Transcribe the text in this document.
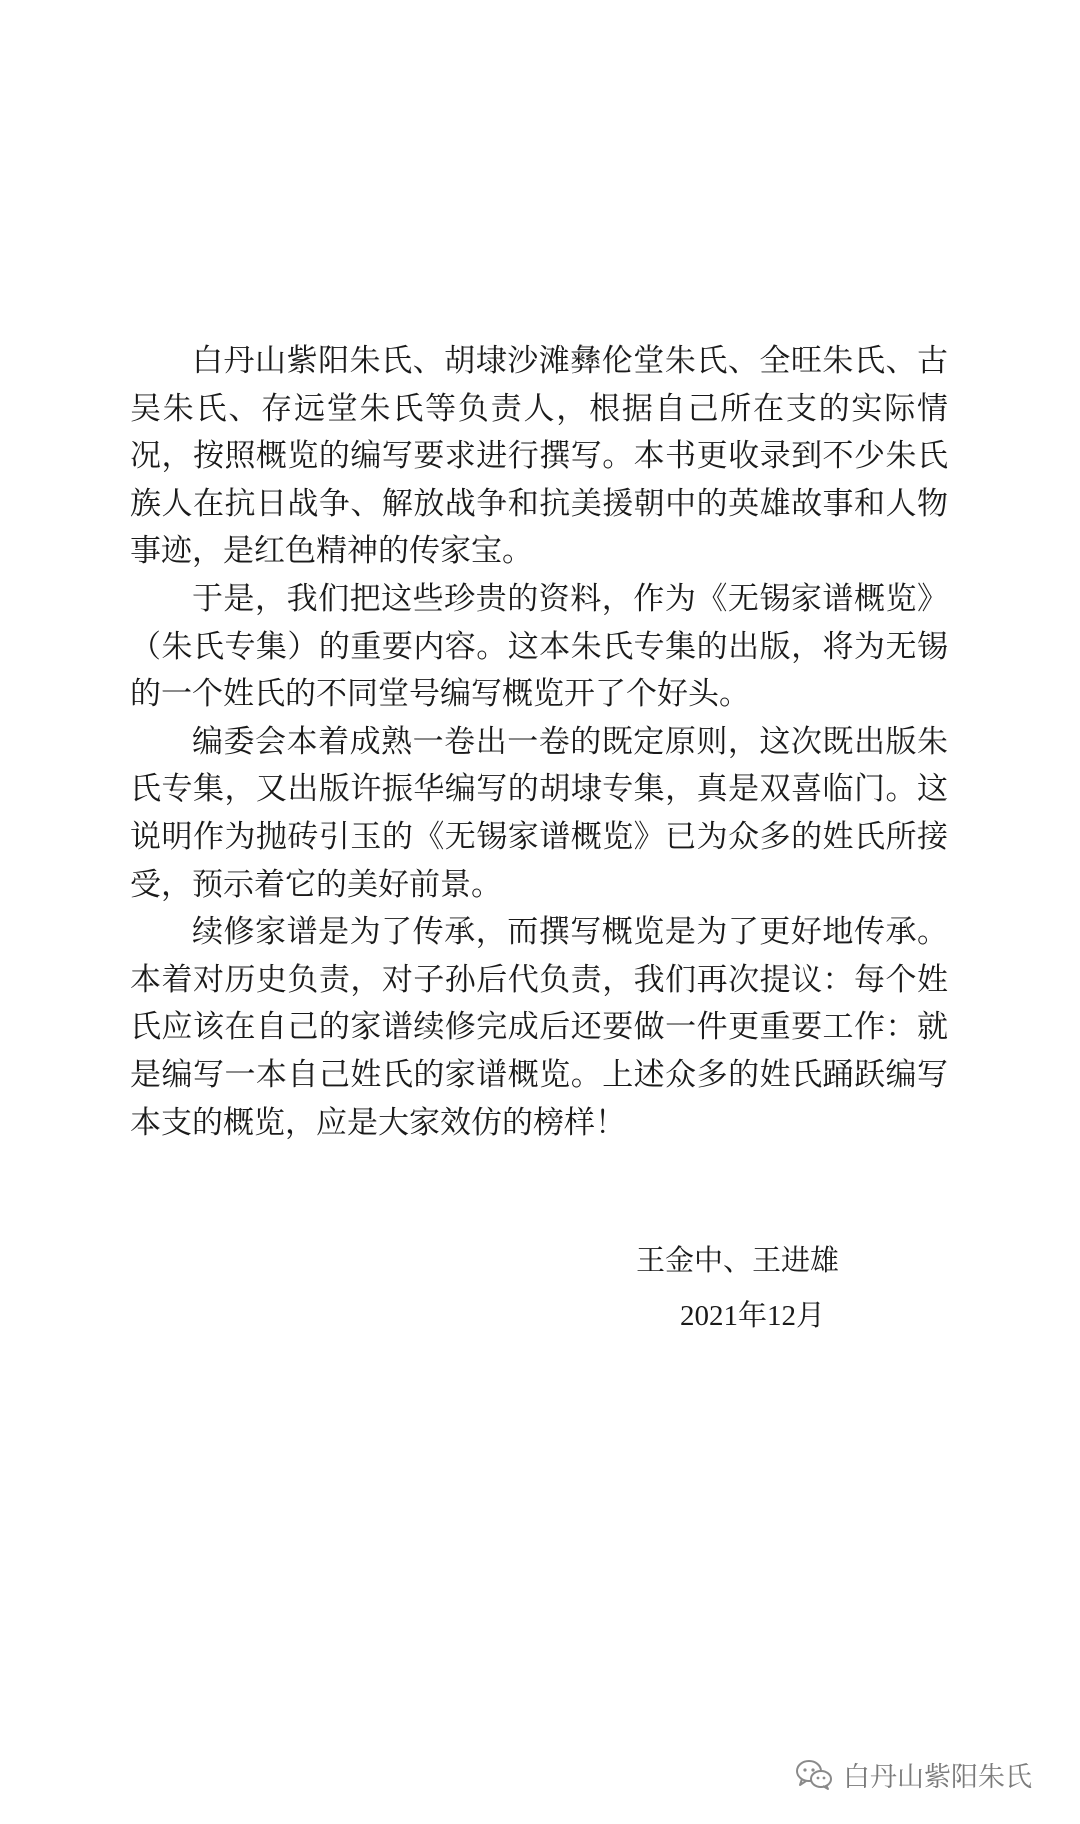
白丹山紫阳朱氏、胡埭沙滩彝伦堂朱氏、全旺朱氏、古
吴朱氏、存远堂朱氏等负责人，根据自己所在支的实际情
况，按照概览的编写要求进行撰写。本书更收录到不少朱氏
族人在抗日战争、解放战争和抗美援朝中的英雄故事和人物
事迹，是红色精神的传家宝。

于是，我们把这些珍贵的资料，作为《无锡家谱概览》
（朱氏专集）的重要内容。这本朱氏专集的出版，将为无锡
的一个姓氏的不同堂号编写概览开了个好头。

编委会本着成熟一卷出一卷的既定原则，这次既出版朱
氏专集，又出版许振华编写的胡埭专集，真是双喜临门。这
说明作为抛砖引玉的《无锡家谱概览》已为众多的姓氏所接
受，预示着它的美好前景。

续修家谱是为了传承，而撰写概览是为了更好地传承。
本着对历史负责，对子孙后代负责，我们再次提议：每个姓
氏应该在自己的家谱续修完成后还要做一件更重要工作：就
是编写一本自己姓氏的家谱概览。上述众多的姓氏踊跃编写
本支的概览，应是大家效仿的榜样！

王金中、王进雄
2021年12月
白丹山紫阳朱氏
